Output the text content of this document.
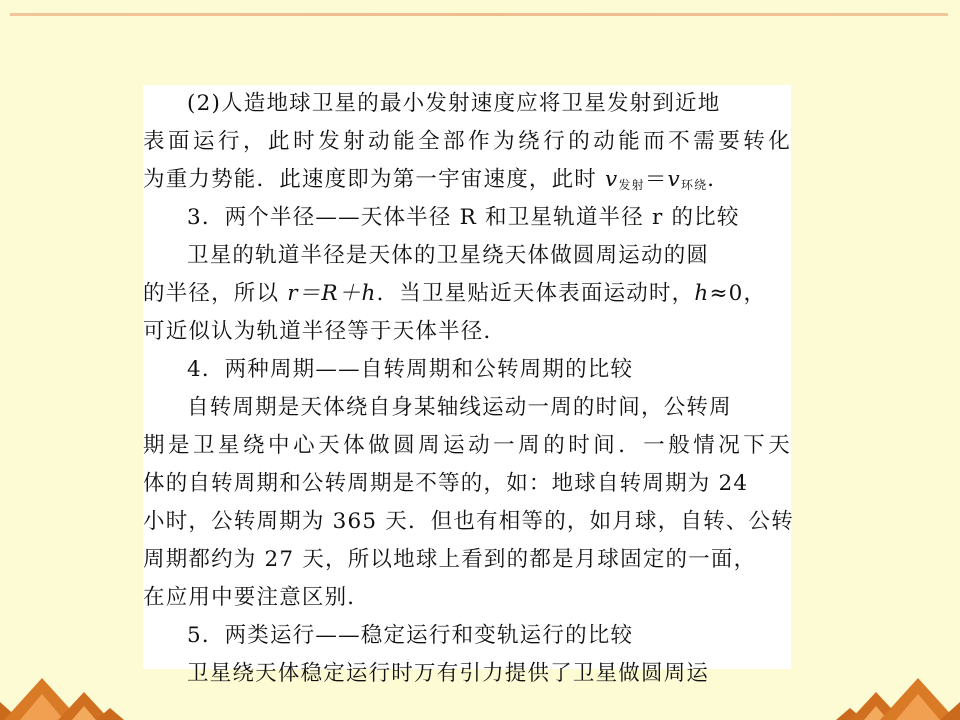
(2)人造地球卫星的最小发射速度应将卫星发射到近地
表面运行，此时发射动能全部作为绕行的动能而不需要转化
为重力势能．此速度即为第一宇宙速度，此时 $v_{发射}=v_{环绕}$．
3．两个半径——天体半径 R 和卫星轨道半径 r 的比较
卫星的轨道半径是天体的卫星绕天体做圆周运动的圆
的半径，所以 r＝R＋h．当卫星贴近天体表面运动时，h≈0，
可近似认为轨道半径等于天体半径．
4．两种周期——自转周期和公转周期的比较
自转周期是天体绕自身某轴线运动一周的时间，公转周
期是卫星绕中心天体做圆周运动一周的时间．一般情况下天
体的自转周期和公转周期是不等的，如：地球自转周期为 24
小时，公转周期为 365 天．但也有相等的，如月球，自转、公转
周期都约为 27 天，所以地球上看到的都是月球固定的一面，
在应用中要注意区别．
5．两类运行——稳定运行和变轨运行的比较
卫星绕天体稳定运行时万有引力提供了卫星做圆周运
